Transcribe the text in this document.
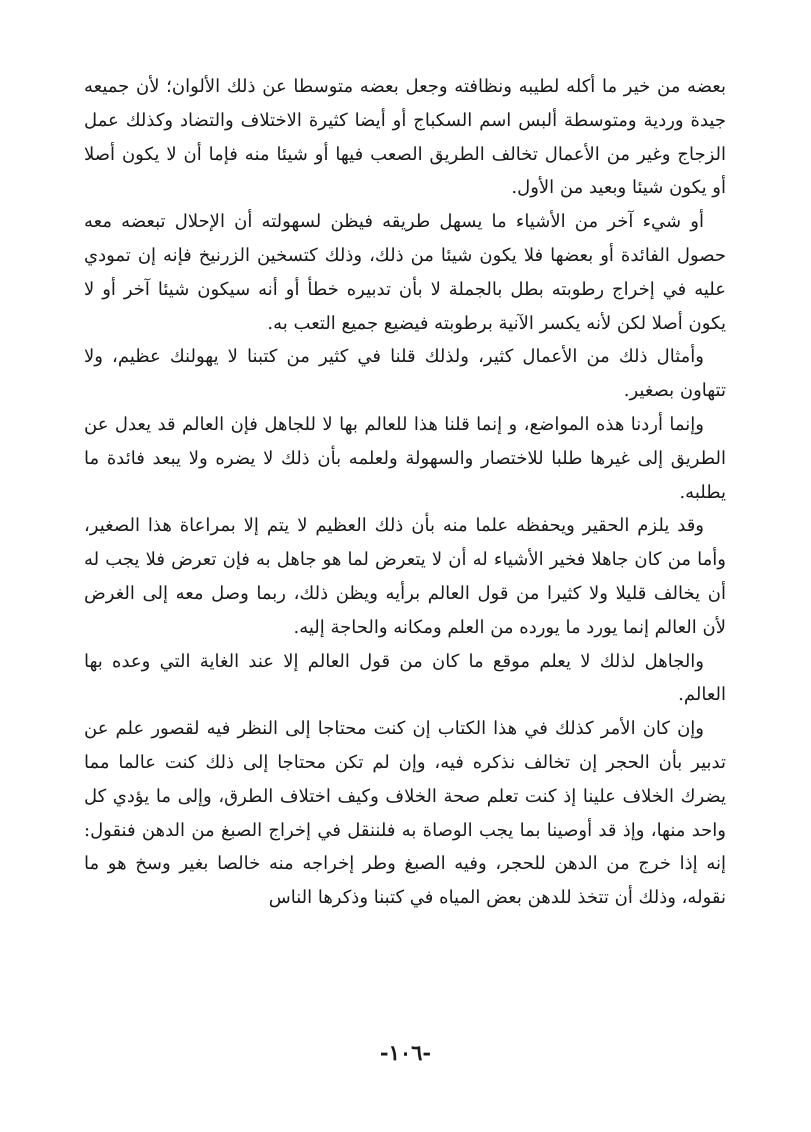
بعضه من خير ما أكله لطيبه ونظافته وجعل بعضه متوسطا عن ذلك الألوان؛ لأن جميعه جيدة وردية ومتوسطة ألبس اسم السكباج أو أيضا كثيرة الاختلاف والتضاد وكذلك عمل الزجاج وغير من الأعمال تخالف الطريق الصعب فيها أو شيئا منه فإما أن لا يكون أصلا أو يكون شيئا وبعيد من الأول.

أو شيء آخر من الأشياء ما يسهل طريقه فيظن لسهولته أن الإحلال تبعضه معه حصول الفائدة أو بعضها فلا يكون شيئا من ذلك، وذلك كتسخين الزرنيخ فإنه إن تمودي عليه في إخراج رطوبته بطل بالجملة لا بأن تدبيره خطأ أو أنه سيكون شيئا آخر أو لا يكون أصلا لكن لأنه يكسر الآنية برطوبته فيضيع جميع التعب به.

وأمثال ذلك من الأعمال كثير، ولذلك قلنا في كثير من كتبنا لا يهولنك عظيم، ولا تتهاون بصغير.

وإنما أردنا هذه المواضع، و إنما قلنا هذا للعالم بها لا للجاهل فإن العالم قد يعدل عن الطريق إلى غيرها طلبا للاختصار والسهولة ولعلمه بأن ذلك لا يضره ولا يبعد فائدة ما يطلبه.

وقد يلزم الحقير ويحفظه علما منه بأن ذلك العظيم لا يتم إلا بمراعاة هذا الصغير، وأما من كان جاهلا فخير الأشياء له أن لا يتعرض لما هو جاهل به فإن تعرض فلا يجب له أن يخالف قليلا ولا كثيرا من قول العالم برأيه ويظن ذلك، ربما وصل معه إلى الغرض لأن العالم إنما يورد ما يورده من العلم ومكانه والحاجة إليه.

والجاهل لذلك لا يعلم موقع ما كان من قول العالم إلا عند الغاية التي وعده بها العالم.

وإن كان الأمر كذلك في هذا الكتاب إن كنت محتاجا إلى النظر فيه لقصور علم عن تدبير بأن الحجر إن تخالف نذكره فيه، وإن لم تكن محتاجا إلى ذلك كنت عالما مما يضرك الخلاف علينا إذ كنت تعلم صحة الخلاف وكيف اختلاف الطرق، وإلى ما يؤدي كل واحد منها، وإذ قد أوصينا بما يجب الوصاة به فلننقل في إخراج الصبغ من الدهن فنقول: إنه إذا خرج من الدهن للحجر، وفيه الصبغ وطر إخراجه منه خالصا بغير وسخ هو ما نقوله، وذلك أن تتخذ للدهن بعض المياه في كتبنا وذكرها الناس

-١٠٦-
